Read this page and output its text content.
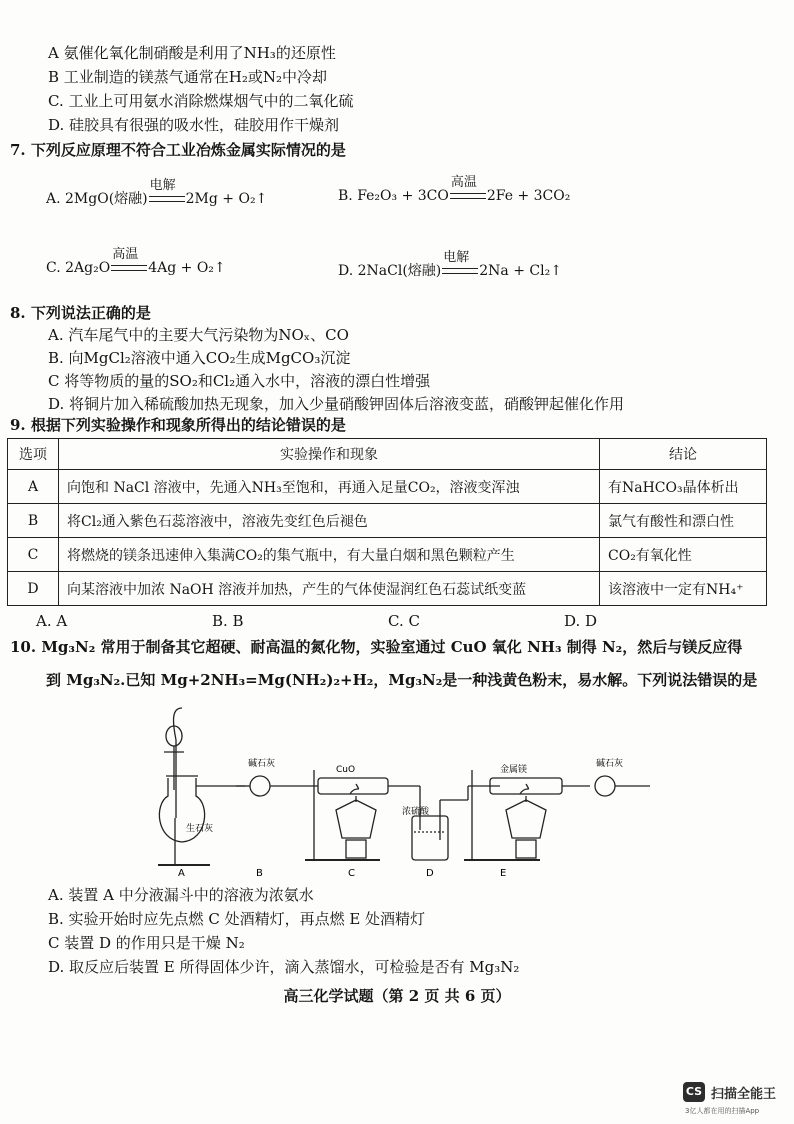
A 氨催化氧化制硝酸是利用了NH₃的还原性
B 工业制造的镁蒸气通常在H₂或N₂中冷却
C. 工业上可用氨水消除燃煤烟气中的二氧化硫
D. 硅胶具有很强的吸水性，硅胶用作干燥剂
7. 下列反应原理不符合工业冶炼金属实际情况的是
A. 2MgO(熔融)
电解
2Mg + O₂↑	B. Fe₂O₃ + 3CO
高温
2Fe + 3CO₂
C. 2Ag₂O
高温
4Ag + O₂↑	D. 2NaCl(熔融)
电解
2Na + Cl₂↑
8. 下列说法正确的是
A. 汽车尾气中的主要大气污染物为NOₓ、CO
B. 向MgCl₂溶液中通入CO₂生成MgCO₃沉淀
C 将等物质的量的SO₂和Cl₂通入水中，溶液的漂白性增强
D. 将铜片加入稀硫酸加热无现象，加入少量硝酸钾固体后溶液变蓝，硝酸钾起催化作用
9. 根据下列实验操作和现象所得出的结论错误的是
选项	实验操作和现象	结论
A	向饱和 NaCl 溶液中，先通入NH₃至饱和，再通入足量CO₂，溶液变浑浊	有NaHCO₃晶体析出
B	将Cl₂通入紫色石蕊溶液中，溶液先变红色后褪色	氯气有酸性和漂白性
C	将燃烧的镁条迅速伸入集满CO₂的集气瓶中，有大量白烟和黑色颗粒产生	CO₂有氧化性
D	向某溶液中加浓 NaOH 溶液并加热，产生的气体使湿润红色石蕊试纸变蓝	该溶液中一定有NH₄⁺
A. A	B. B	C. C	D. D
10. Mg₃N₂ 常用于制备其它超硬、耐高温的氮化物，实验室通过 CuO 氧化 NH₃ 制得 N₂，然后与镁反应得
到 Mg₃N₂.已知 Mg+2NH₃=Mg(NH₂)₂+H₂，Mg₃N₂是一种浅黄色粉末，易水解。下列说法错误的是
生石灰
碱石灰
CuO
浓硫酸
金属镁
碱石灰
A	B	C	D	E
A. 装置 A 中分液漏斗中的溶液为浓氨水
B. 实验开始时应先点燃 C 处酒精灯，再点燃 E 处酒精灯
C 装置 D 的作用只是干燥 N₂
D. 取反应后装置 E 所得固体少许，滴入蒸馏水，可检验是否有 Mg₃N₂
高三化学试题（第 2 页 共 6 页）
CS 扫描全能王
3亿人都在用的扫描App
